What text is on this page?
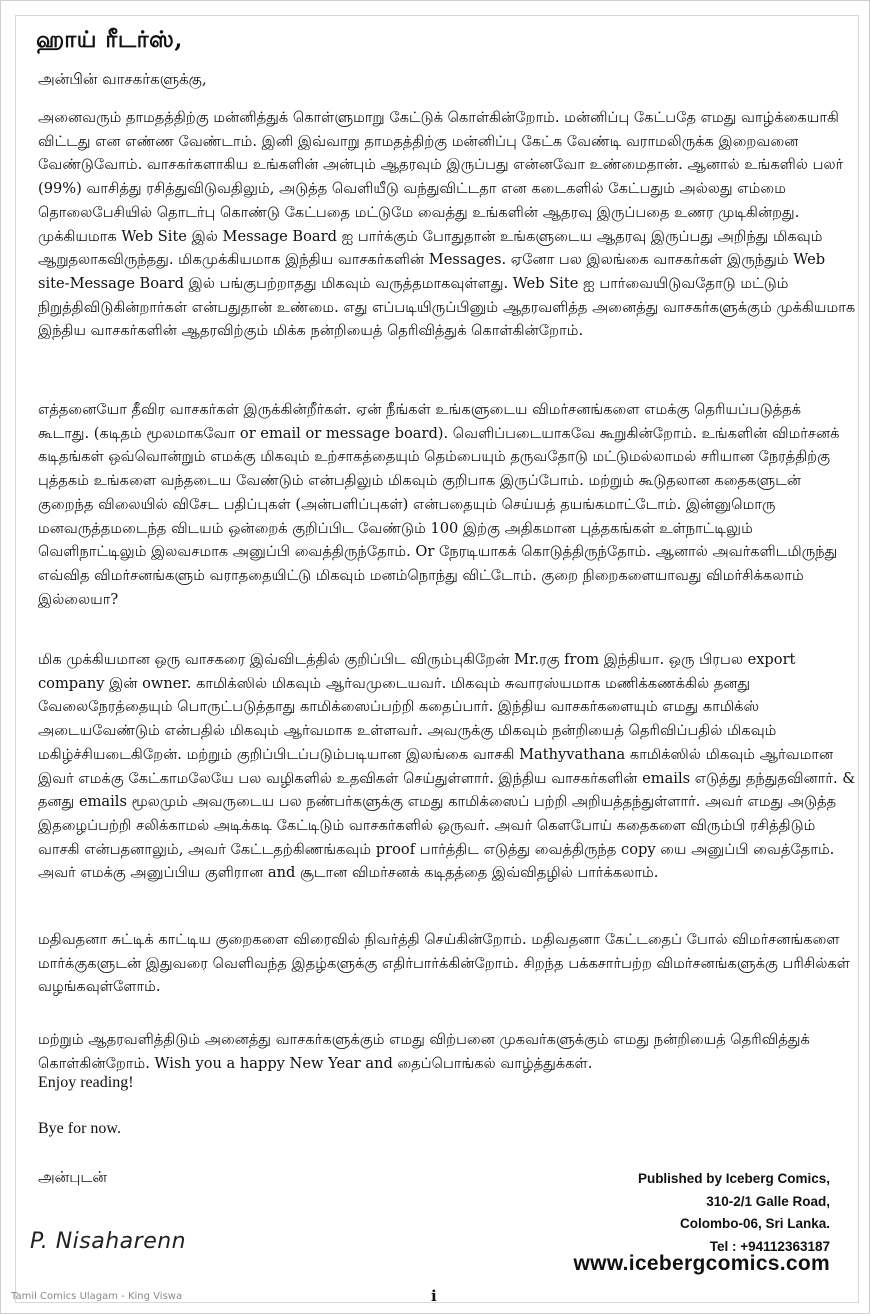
ஹாய் ரீடர்ஸ்,
அன்பின் வாசகர்களுக்கு,
அனைவரும் தாமதத்திற்கு மன்னித்துக் கொள்ளுமாறு கேட்டுக் கொள்கின்றோம். மன்னிப்பு கேட்பதே எமது வாழ்க்கையாகி விட்டது என எண்ண வேண்டாம். இனி இவ்வாறு தாமதத்திற்கு மன்னிப்பு கேட்க வேண்டி வராமலிருக்க இறைவனை வேண்டுவோம். வாசகர்களாகிய உங்களின் அன்பும் ஆதரவும் இருப்பது என்னவோ உண்மைதான். ஆனால் உங்களில் பலர் (99%) வாசித்து ரசித்துவிடுவதிலும், அடுத்த வெளியீடு வந்துவிட்டதா என கடைகளில் கேட்பதும் அல்லது எம்மை தொலைபேசியில் தொடர்பு கொண்டு கேட்பதை மட்டுமே வைத்து உங்களின் ஆதரவு இருப்பதை உணர முடிகின்றது. முக்கியமாக Web Site இல் Message Board ஐ பார்க்கும் போதுதான் உங்களுடைய ஆதரவு இருப்பது அறிந்து மிகவும் ஆறுதலாகவிருந்தது. மிகமுக்கியமாக இந்திய வாசகர்களின் Messages. ஏனோ பல இலங்கை வாசகர்கள் இருந்தும் Web site-Message Board இல் பங்குபற்றாதது மிகவும் வருத்தமாகவுள்ளது. Web Site ஐ பார்வையிடுவதோடு மட்டும் நிறுத்திவிடுகின்றார்கள் என்பதுதான் உண்மை. எது எப்படியிருப்பினும் ஆதரவளித்த அனைத்து வாசகர்களுக்கும் முக்கியமாக இந்திய வாசகர்களின் ஆதரவிற்கும் மிக்க நன்றியைத் தெரிவித்துக் கொள்கின்றோம்.
எத்தனையோ தீவிர வாசகர்கள் இருக்கின்றீர்கள். ஏன் நீங்கள் உங்களுடைய விமர்சனங்களை எமக்கு தெரியப்படுத்தக் கூடாது. (கடிதம் மூலமாகவோ or email or message board). வெளிப்படையாகவே கூறுகின்றோம். உங்களின் விமர்சனக் கடிதங்கள் ஒவ்வொன்றும் எமக்கு மிகவும் உற்சாகத்தையும் தெம்பையும் தருவதோடு மட்டுமல்லாமல் சரியான நேரத்திற்கு புத்தகம் உங்களை வந்தடைய வேண்டும் என்பதிலும் மிகவும் குறிபாக இருப்போம். மற்றும் கூடுதலான கதைகளுடன் குறைந்த விலையில் விசேட பதிப்புகள் (அன்பளிப்புகள்) என்பதையும் செய்யத் தயங்கமாட்டோம். இன்னுமொரு மனவருத்தமடைந்த விடயம் ஒன்றைக் குறிப்பிட வேண்டும் 100 இற்கு அதிகமான புத்தகங்கள் உள்நாட்டிலும் வெளிநாட்டிலும் இலவசமாக அனுப்பி வைத்திருந்தோம். Or நேரடியாகக் கொடுத்திருந்தோம். ஆனால் அவர்களிடமிருந்து எவ்வித விமர்சனங்களும் வராததையிட்டு மிகவும் மனம்நொந்து விட்டோம். குறை நிறைகளையாவது விமர்சிக்கலாம் இல்லையா?
மிக முக்கியமான ஒரு வாசகரை இவ்விடத்தில் குறிப்பிட விரும்புகிறேன் Mr.ரகு from இந்தியா. ஒரு பிரபல export company இன் owner. காமிக்ஸில் மிகவும் ஆர்வமுடையவர். மிகவும் சுவாரஸ்யமாக மணிக்கணக்கில் தனது வேலைநேரத்தையும் பொருட்படுத்தாது காமிக்ஸைப்பற்றி கதைப்பார். இந்திய வாசகர்களையும் எமது காமிக்ஸ் அடையவேண்டும் என்பதில் மிகவும் ஆர்வமாக உள்ளவர். அவருக்கு மிகவும் நன்றியைத் தெரிவிப்பதில் மிகவும் மகிழ்ச்சியடைகிறேன். மற்றும் குறிப்பிடப்படும்படியான இலங்கை வாசகி Mathyvathana காமிக்ஸில் மிகவும் ஆர்வமான இவர் எமக்கு கேட்காமலேயே பல வழிகளில் உதவிகள் செய்துள்ளார். இந்திய வாசகர்களின் emails எடுத்து தந்துதவினார். & தனது emails மூலமும் அவருடைய பல நண்பர்களுக்கு எமது காமிக்ஸைப் பற்றி அறியத்தந்துள்ளார். அவர் எமது அடுத்த இதழைப்பற்றி சலிக்காமல் அடிக்கடி கேட்டிடும் வாசகர்களில் ஒருவர். அவர் கௌபோய் கதைகளை விரும்பி ரசித்திடும் வாசகி என்பதனாலும், அவர் கேட்டதற்கிணங்கவும் proof பார்த்திட எடுத்து வைத்திருந்த copy யை அனுப்பி வைத்தோம். அவர் எமக்கு அனுப்பிய குளிரான and சூடான விமர்சனக் கடிதத்தை இவ்விதழில் பார்க்கலாம்.
மதிவதனா சுட்டிக் காட்டிய குறைகளை விரைவில் நிவர்த்தி செய்கின்றோம். மதிவதனா கேட்டதைப் போல் விமர்சனங்களை மார்க்குகளுடன் இதுவரை வெளிவந்த இதழ்களுக்கு எதிர்பார்க்கின்றோம். சிறந்த பக்கசார்பற்ற விமர்சனங்களுக்கு பரிசில்கள் வழங்கவுள்ளோம்.
மற்றும் ஆதரவளித்திடும் அனைத்து வாசகர்களுக்கும் எமது விற்பனை முகவர்களுக்கும் எமது நன்றியைத் தெரிவித்துக் கொள்கின்றோம். Wish you a happy New Year and தைப்பொங்கல் வாழ்த்துக்கள்.
Enjoy reading!
Bye for now.
அன்புடன்
P. Nisaharenn
Published by Iceberg Comics,
310-2/1 Galle Road,
Colombo-06, Sri Lanka.
Tel : +94112363187
www.icebergcomics.com
Tamil Comics Ulagam - King Viswa	i
